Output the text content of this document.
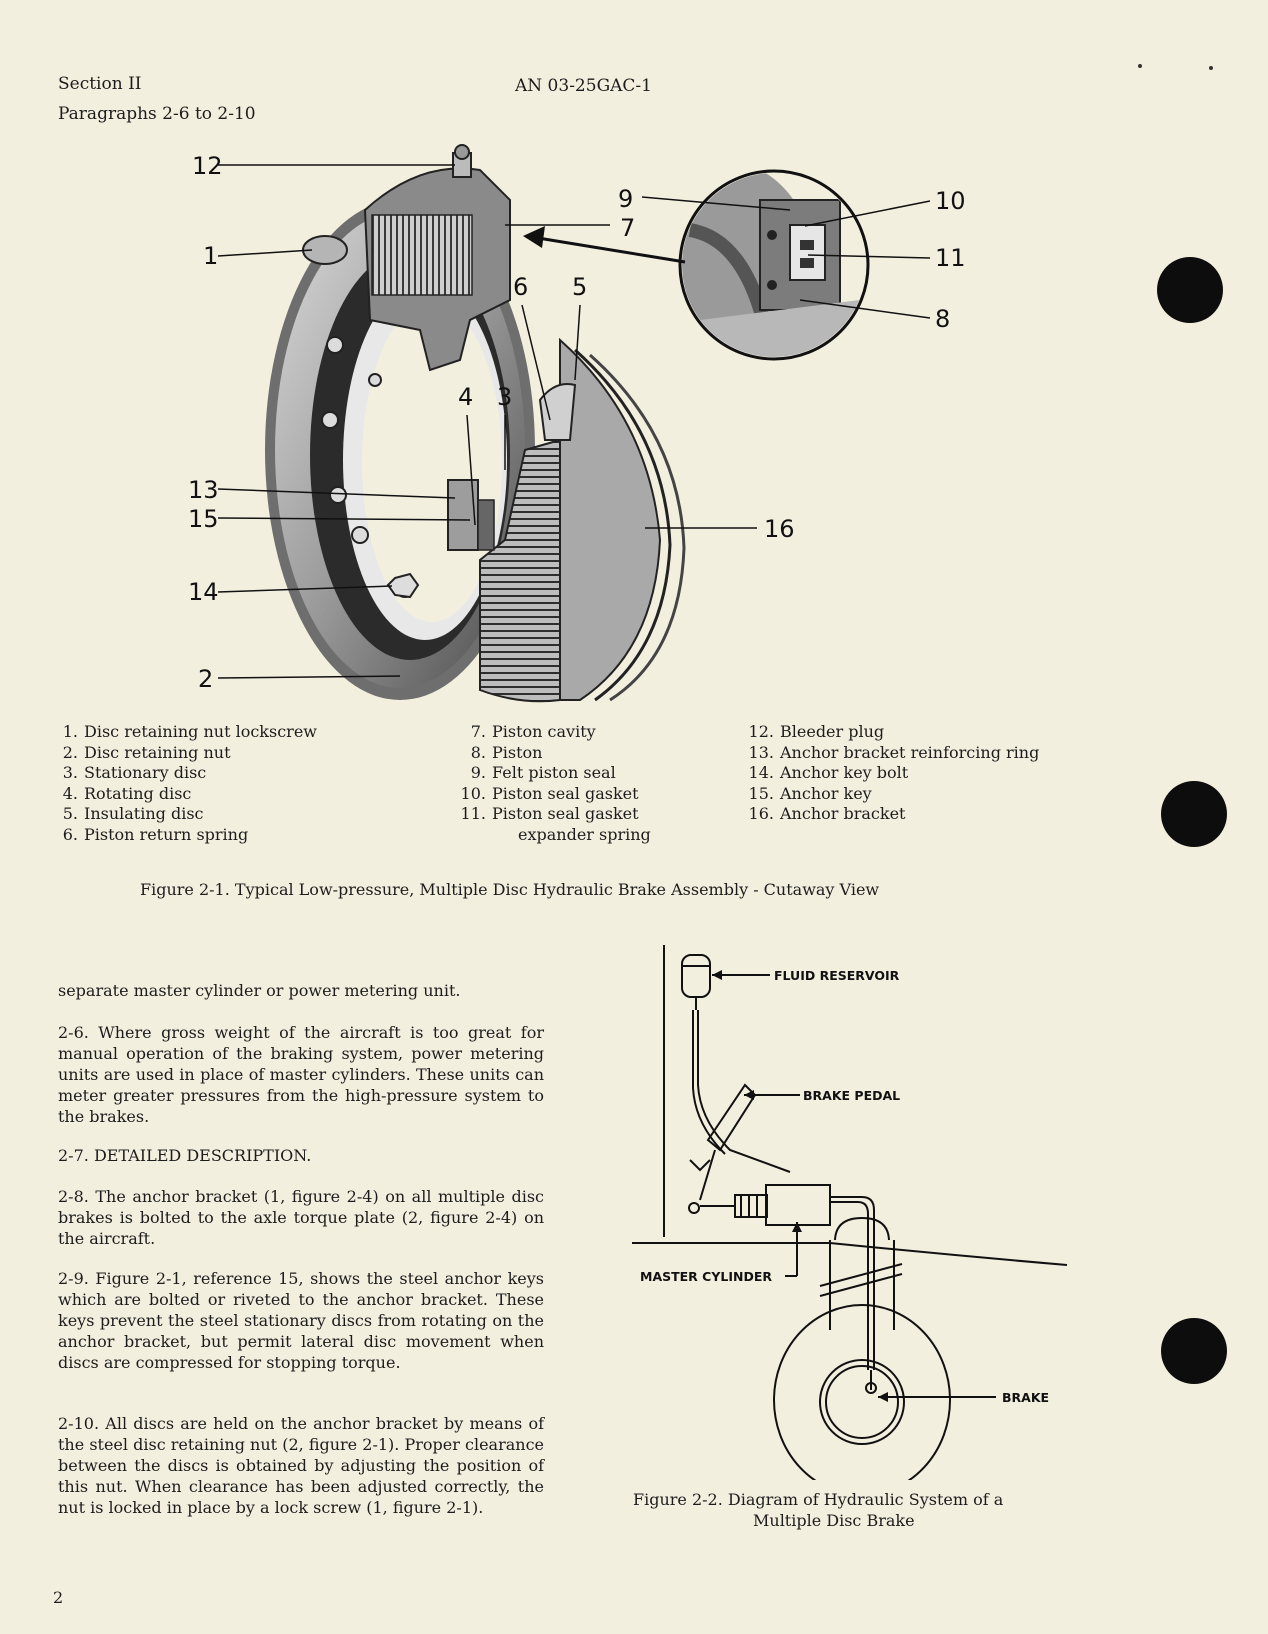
Section II
Paragraphs 2-6 to 2-10
AN 03-25GAC-1
12
1
9
7
10
11
8
6 5
4 3
13
15	16
14
2
1. Disc retaining nut lockscrew
2. Disc retaining nut
3. Stationary disc
4. Rotating disc
5. Insulating disc
6. Piston return spring
7. Piston cavity
8. Piston
9. Felt piston seal
10. Piston seal gasket
11. Piston seal gasket
expander spring
12. Bleeder plug
13. Anchor bracket reinforcing ring
14. Anchor key bolt
15. Anchor key
16. Anchor bracket
Figure 2-1. Typical Low-pressure, Multiple Disc Hydraulic Brake Assembly - Cutaway View
separate master cylinder or power metering unit.
2-6. Where gross weight of the aircraft is too great for manual operation of the braking system, power metering units are used in place of master cylinders. These units can meter greater pressures from the high-pressure system to the brakes.
2-7. DETAILED DESCRIPTION.
2-8. The anchor bracket (1, figure 2-4) on all multiple disc brakes is bolted to the axle torque plate (2, figure 2-4) on the aircraft.
2-9. Figure 2-1, reference 15, shows the steel anchor keys which are bolted or riveted to the anchor bracket. These keys prevent the steel stationary discs from rotating on the anchor bracket, but permit lateral disc movement when discs are compressed for stopping torque.
2-10. All discs are held on the anchor bracket by means of the steel disc retaining nut (2, figure 2-1). Proper clearance between the discs is obtained by adjusting the position of this nut. When clearance has been adjusted correctly, the nut is locked in place by a lock screw (1, figure 2-1).
FLUID RESERVOIR
BRAKE PEDAL
MASTER CYLINDER
BRAKE
Figure 2-2. Diagram of Hydraulic System of a
Multiple Disc Brake
2
